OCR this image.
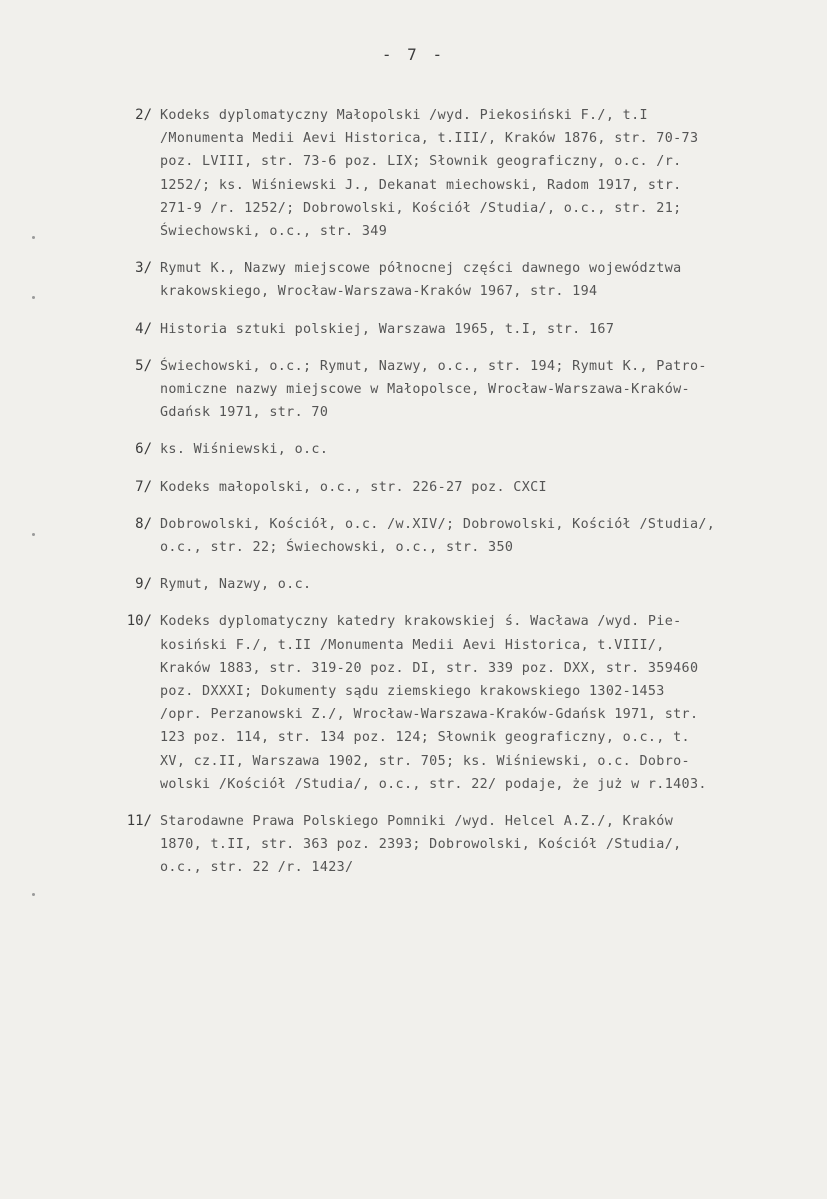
- 7 -
2/ Kodeks dyplomatyczny Małopolski /wyd. Piekosiński F./, t.I
/Monumenta Medii Aevi Historica, t.III/, Kraków 1876, str. 70-73
poz. LVIII, str. 73-6 poz. LIX; Słownik geograficzny, o.c. /r.
1252/; ks. Wiśniewski J., Dekanat miechowski, Radom 1917, str.
271-9 /r. 1252/; Dobrowolski, Kościół /Studia/, o.c., str. 21;
Świechowski, o.c., str. 349
3/ Rymut K., Nazwy miejscowe północnej części dawnego województwa
krakowskiego, Wrocław-Warszawa-Kraków 1967, str. 194
4/ Historia sztuki polskiej, Warszawa 1965, t.I, str. 167
5/ Świechowski, o.c.; Rymut, Nazwy, o.c., str. 194; Rymut K., Patro-
nomiczne nazwy miejscowe w Małopolsce, Wrocław-Warszawa-Kraków-
Gdańsk 1971, str. 70
6/ ks. Wiśniewski, o.c.
7/ Kodeks małopolski, o.c., str. 226-27 poz. CXCI
8/ Dobrowolski, Kościół, o.c. /w.XIV/; Dobrowolski, Kościół /Studia/,
o.c., str. 22; Świechowski, o.c., str. 350
9/ Rymut, Nazwy, o.c.
10/ Kodeks dyplomatyczny katedry krakowskiej ś. Wacława /wyd. Pie-
kosiński F./, t.II /Monumenta Medii Aevi Historica, t.VIII/,
Kraków 1883, str. 319-20 poz. DI, str. 339 poz. DXX, str. 359460
poz. DXXXI; Dokumenty sądu ziemskiego krakowskiego 1302-1453
/opr. Perzanowski Z./, Wrocław-Warszawa-Kraków-Gdańsk 1971, str.
123 poz. 114, str. 134 poz. 124; Słownik geograficzny, o.c., t.
XV, cz.II, Warszawa 1902, str. 705; ks. Wiśniewski, o.c. Dobro-
wolski /Kościół /Studia/, o.c., str. 22/ podaje, że już w r.1403.
11/ Starodawne Prawa Polskiego Pomniki /wyd. Helcel A.Z./, Kraków
1870, t.II, str. 363 poz. 2393; Dobrowolski, Kościół /Studia/,
o.c., str. 22 /r. 1423/
